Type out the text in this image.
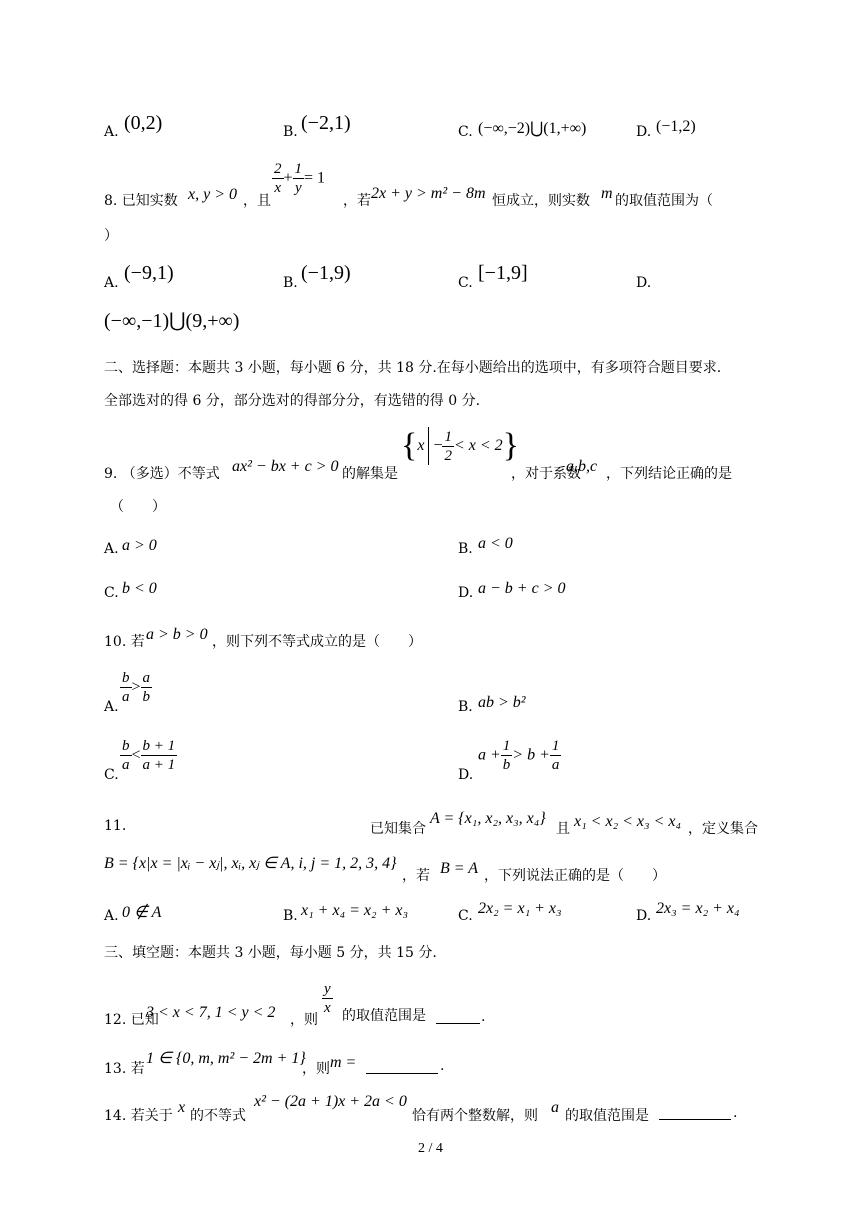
A. (0,2)	B. (−2,1)	C. (−∞,−2)⋃(1,+∞)	D. (−1,2)
8. 已知实数 x, y > 0 ，且
$\frac{2}{x} + \frac{1}{y} = 1$
，若 2x + y > m² − 8m 恒成立，则实数 m 的取值范围为（
）
A. (−9,1)	B. (−1,9)	C. [−1,9]	D.
(−∞,−1)⋃(9,+∞)
二、选择题：本题共 3 小题，每小题 6 分，共 18 分.在每小题给出的选项中，有多项符合题目要求.
全部选对的得 6 分，部分选对的得部分分，有选错的得 0 分.
9. （多选）不等式 ax² − bx + c > 0 的解集是
{ $x - \frac{1}{2} < x < 2$ }
，对于系数
a,b,c ，下列结论正确的是
（　　）
A. a > 0	B. a < 0
C. b < 0	D. a − b + c > 0
10. 若 a > b > 0 ，则下列不等式成立的是（　　）
A.
$\frac{b}{a} > \frac{a}{b}$
B. ab > b²
C.
$\frac{b}{a} < \frac{b + 1}{a + 1}$
D.
$a + \frac{1}{b} > b + \frac{1}{a}$
11.	已知集合
A = {x₁, x₂, x₃, x₄}
且 x₁ < x₂ < x₃ < x₄ ，定义集合
B = {x|x = |xᵢ − xⱼ|, xᵢ, xⱼ ∈ A, i, j = 1, 2, 3, 4}
，若 B = A ，下列说法正确的是（　　）
A. 0 ∉ A	B. x₁ + x₄ = x₂ + x₃	C. 2x₂ = x₁ + x₃	D. 2x₃ = x₂ + x₄
三、填空题：本题共 3 小题，每小题 5 分，共 15 分.
12. 已知
3 < x < 7, 1 < y < 2 ，则
$\frac{y}{x}$ 的取值范围是	.
13. 若
1 ∈ {0, m, m² − 2m + 1}
，则 m =	.
14. 若关于 x 的不等式
x² − (2a + 1)x + 2a < 0
恰有两个整数解，则 a 的取值范围是	.
2 / 4
